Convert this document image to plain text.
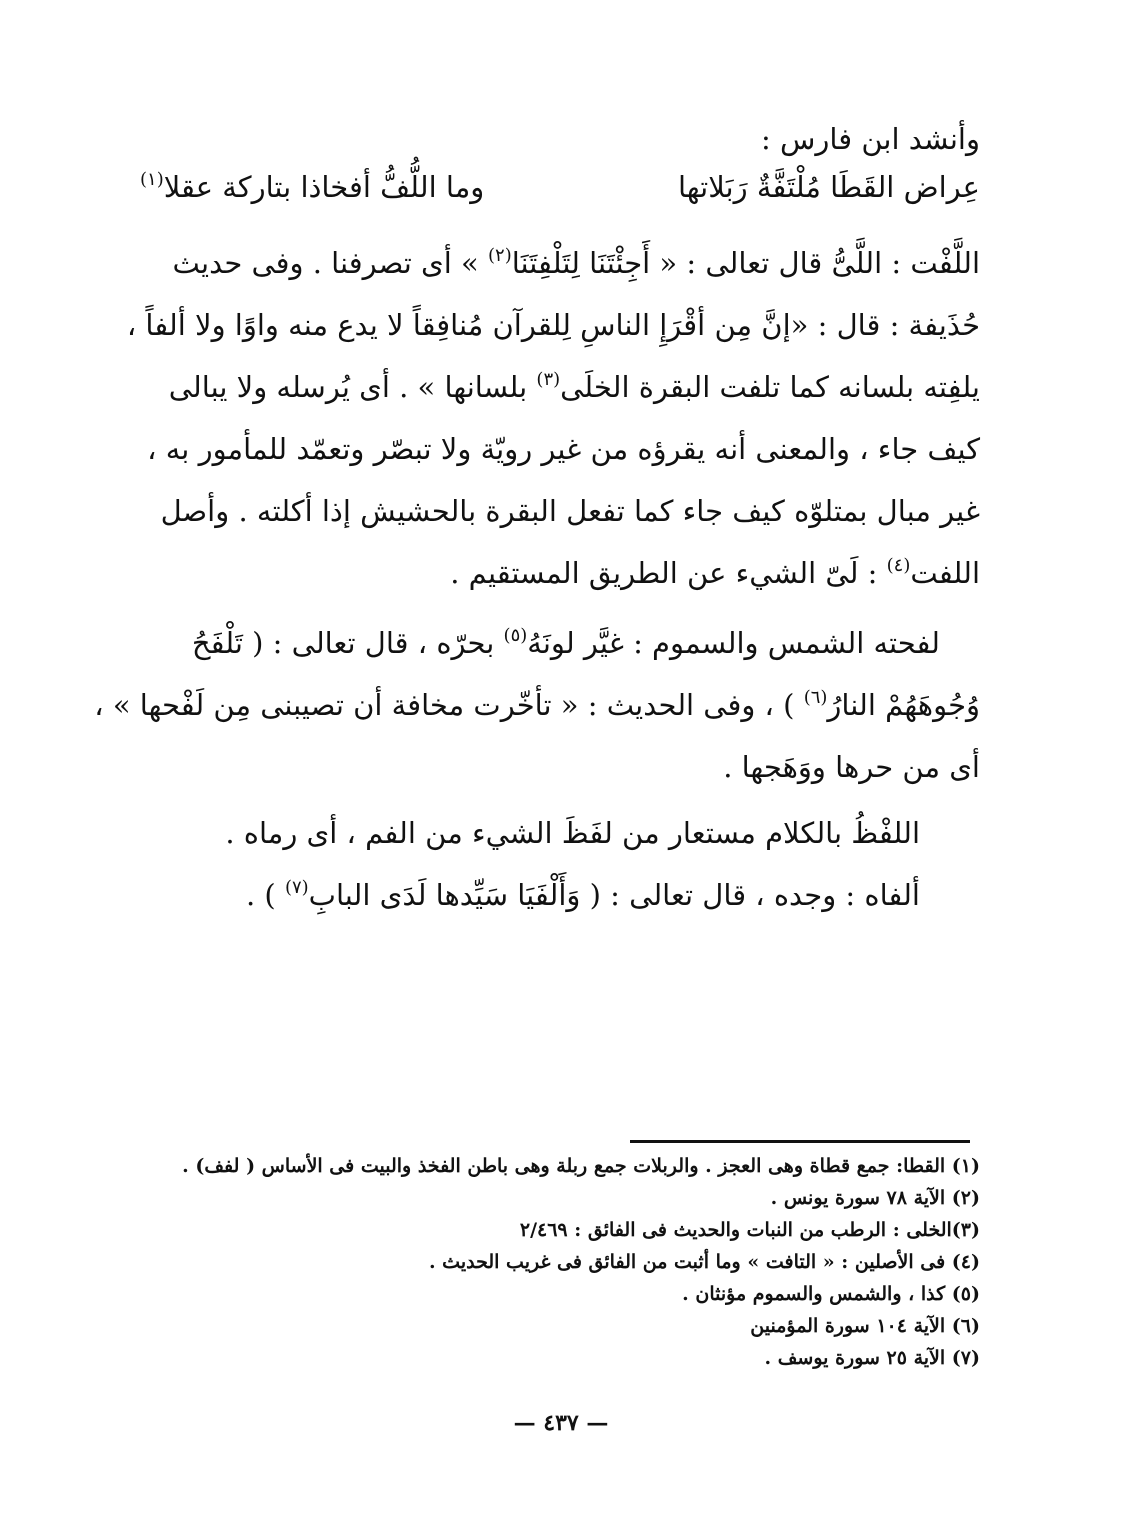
وأنشد ابن فارس :
عِراض القَطَا مُلْتَفَّةٌ رَبَلاتها
وما اللُّفُّ أفخاذا بتاركة عقلا$^{(١)}$
اللَّفْت : اللَّىُّ قال تعالى : « أَجِئْتَنَا لِتَلْفِتَنَا$^{(٢)}$ » أى تصرفنا . وفى حديث
حُذَيفة : قال : «إنَّ مِن أقْرَإِ الناسِ لِلقرآن مُنافِقاً لا يدع منه واوًا ولا ألفاً ،
يلفِته بلسانه كما تلفت البقرة الخلَى$^{(٣)}$ بلسانها » . أى يُرسله ولا يبالى
كيف جاء ، والمعنى أنه يقرؤه من غير رويّة ولا تبصّر وتعمّد للمأمور به ،
غير مبال بمتلوّه كيف جاء كما تفعل البقرة بالحشيش إذا أكلته . وأصل
اللفت$^{(٤)}$ : لَىّ الشيء عن الطريق المستقيم .
لفحته الشمس والسموم : غيَّر لونَهُ$^{(٥)}$ بحرّه ، قال تعالى : ( تَلْفَحُ
وُجُوهَهُمْ النارُ$^{(٦)}$ ) ، وفى الحديث : « تأخّرت مخافة أن تصيبنى مِن لَفْحها » ،
أى من حرها ووَهَجها .
اللفْظُ بالكلام مستعار من لفَظَ الشيء من الفم ، أى رماه .
ألفاه : وجده ، قال تعالى : ( وَأَلْفَيَا سَيِّدها لَدَى البابِ$^{(٧)}$ ) .
(١) القطا: جمع قطاة وهى العجز . والربلات جمع ربلة وهى باطن الفخذ والبيت فى الأساس ( لفف) .
(٢) الآية ٧٨ سورة يونس .
(٣)الخلى : الرطب من النبات والحديث فى الفائق : ٢/٤٦٩
(٤) فى الأصلين : « التافت » وما أثبت من الفائق فى غريب الحديث .
(٥) كذا ، والشمس والسموم مؤنثان .
(٦) الآية ١٠٤ سورة المؤمنين
(٧) الآية ٢٥ سورة يوسف .
— ٤٣٧ —
